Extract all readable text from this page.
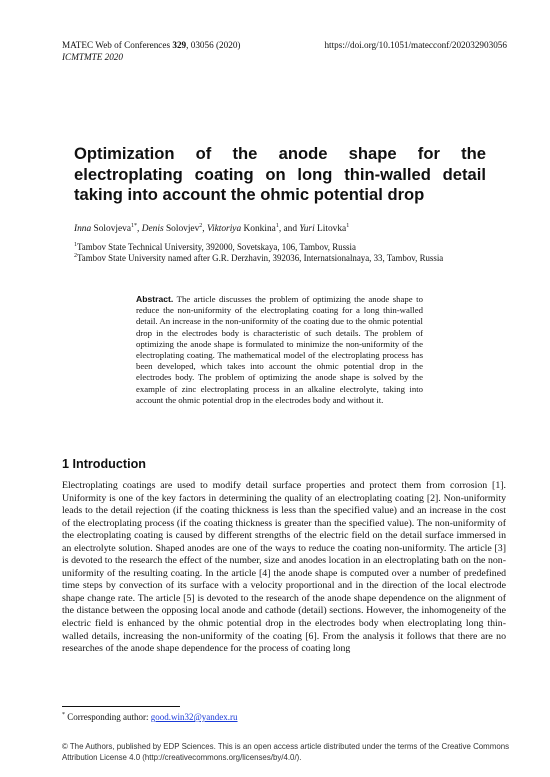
MATEC Web of Conferences 329, 03056 (2020)	https://doi.org/10.1051/matecconf/202032903056
ICMTMTE 2020
Optimization of the anode shape for the electroplating coating on long thin-walled detail taking into account the ohmic potential drop
Inna Solovjeva$^{1*}$, Denis Solovjev$^2$, Viktoriya Konkina$^1$, and Yuri Litovka$^1$
$^1$Tambov State Technical University, 392000, Sovetskaya, 106, Tambov, Russia
$^2$Tambov State University named after G.R. Derzhavin, 392036, Internatsionalnaya, 33, Tambov, Russia
Abstract. The article discusses the problem of optimizing the anode shape to reduce the non-uniformity of the electroplating coating for a long thin-walled detail. An increase in the non-uniformity of the coating due to the ohmic potential drop in the electrodes body is characteristic of such details. The problem of optimizing the anode shape is formulated to minimize the non-uniformity of the electroplating coating. The mathematical model of the electroplating process has been developed, which takes into account the ohmic potential drop in the electrodes body. The problem of optimizing the anode shape is solved by the example of zinc electroplating process in an alkaline electrolyte, taking into account the ohmic potential drop in the electrodes body and without it.
1 Introduction
Electroplating coatings are used to modify detail surface properties and protect them from corrosion [1]. Uniformity is one of the key factors in determining the quality of an electroplating coating [2]. Non-uniformity leads to the detail rejection (if the coating thickness is less than the specified value) and an increase in the cost of the electroplating process (if the coating thickness is greater than the specified value). The non-uniformity of the electroplating coating is caused by different strengths of the electric field on the detail surface immersed in an electrolyte solution. Shaped anodes are one of the ways to reduce the coating non-uniformity. The article [3] is devoted to the research the effect of the number, size and anodes location in an electroplating bath on the non-uniformity of the resulting coating. In the article [4] the anode shape is computed over a number of predefined time steps by convection of its surface with a velocity proportional and in the direction of the local electrode shape change rate. The article [5] is devoted to the research of the anode shape dependence on the alignment of the distance between the opposing local anode and cathode (detail) sections. However, the inhomogeneity of the electric field is enhanced by the ohmic potential drop in the electrodes body when electroplating long thin-walled details, increasing the non-uniformity of the coating [6]. From the analysis it follows that there are no researches of the anode shape dependence for the process of coating long
* Corresponding author: good.win32@yandex.ru
© The Authors, published by EDP Sciences. This is an open access article distributed under the terms of the Creative Commons Attribution License 4.0 (http://creativecommons.org/licenses/by/4.0/).
